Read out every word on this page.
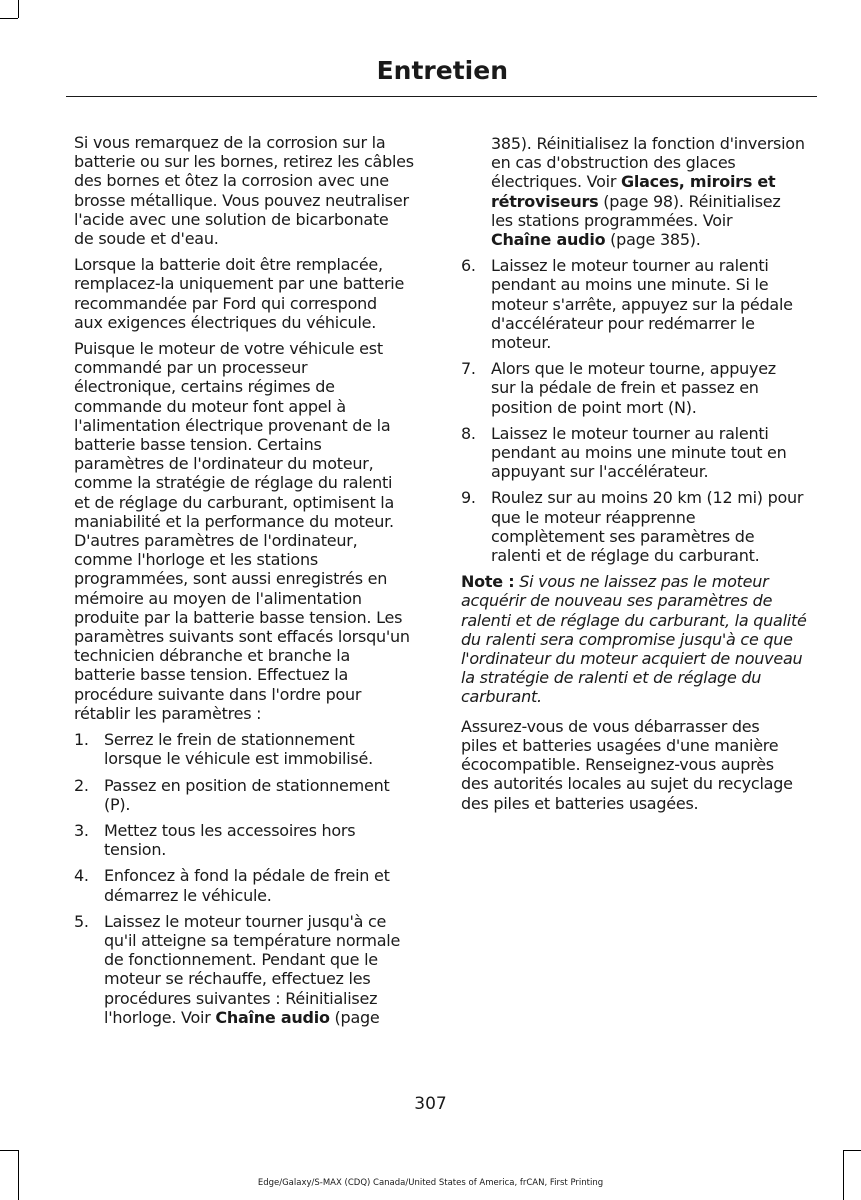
Entretien

Si vous remarquez de la corrosion sur la
batterie ou sur les bornes, retirez les câbles
des bornes et ôtez la corrosion avec une
brosse métallique. Vous pouvez neutraliser
l'acide avec une solution de bicarbonate
de soude et d'eau.

Lorsque la batterie doit être remplacée,
remplacez-la uniquement par une batterie
recommandée par Ford qui correspond
aux exigences électriques du véhicule.

Puisque le moteur de votre véhicule est
commandé par un processeur
électronique, certains régimes de
commande du moteur font appel à
l'alimentation électrique provenant de la
batterie basse tension. Certains
paramètres de l'ordinateur du moteur,
comme la stratégie de réglage du ralenti
et de réglage du carburant, optimisent la
maniabilité et la performance du moteur.
D'autres paramètres de l'ordinateur,
comme l'horloge et les stations
programmées, sont aussi enregistrés en
mémoire au moyen de l'alimentation
produite par la batterie basse tension. Les
paramètres suivants sont effacés lorsqu'un
technicien débranche et branche la
batterie basse tension. Effectuez la
procédure suivante dans l'ordre pour
rétablir les paramètres :

1. Serrez le frein de stationnement
lorsque le véhicule est immobilisé.
2. Passez en position de stationnement
(P).
3. Mettez tous les accessoires hors
tension.
4. Enfoncez à fond la pédale de frein et
démarrez le véhicule.
5. Laissez le moteur tourner jusqu'à ce
qu'il atteigne sa température normale
de fonctionnement. Pendant que le
moteur se réchauffe, effectuez les
procédures suivantes : Réinitialisez
l'horloge. Voir Chaîne audio (page
385). Réinitialisez la fonction d'inversion
en cas d'obstruction des glaces
électriques. Voir Glaces, miroirs et
rétroviseurs (page 98). Réinitialisez
les stations programmées. Voir
Chaîne audio (page 385).
6. Laissez le moteur tourner au ralenti
pendant au moins une minute. Si le
moteur s'arrête, appuyez sur la pédale
d'accélérateur pour redémarrer le
moteur.
7. Alors que le moteur tourne, appuyez
sur la pédale de frein et passez en
position de point mort (N).
8. Laissez le moteur tourner au ralenti
pendant au moins une minute tout en
appuyant sur l'accélérateur.
9. Roulez sur au moins 20 km (12 mi) pour
que le moteur réapprenne
complètement ses paramètres de
ralenti et de réglage du carburant.

Note : Si vous ne laissez pas le moteur
acquérir de nouveau ses paramètres de
ralenti et de réglage du carburant, la qualité
du ralenti sera compromise jusqu'à ce que
l'ordinateur du moteur acquiert de nouveau
la stratégie de ralenti et de réglage du
carburant.

Assurez-vous de vous débarrasser des
piles et batteries usagées d'une manière
écocompatible. Renseignez-vous auprès
des autorités locales au sujet du recyclage
des piles et batteries usagées.

307

Edge/Galaxy/S-MAX (CDQ) Canada/United States of America, frCAN, First Printing
